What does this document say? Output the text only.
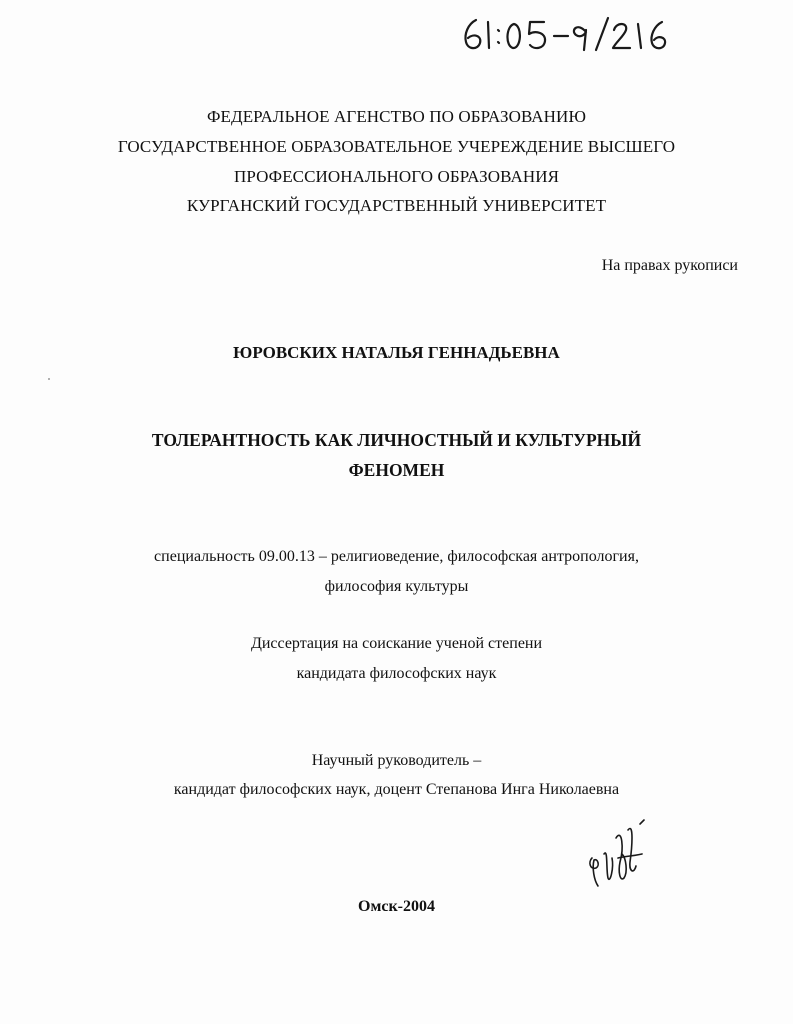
ФЕДЕРАЛЬНОЕ АГЕНСТВО ПО ОБРАЗОВАНИЮ
ГОСУДАРСТВЕННОЕ ОБРАЗОВАТЕЛЬНОЕ УЧЕРЕЖДЕНИЕ ВЫСШЕГО
ПРОФЕССИОНАЛЬНОГО ОБРАЗОВАНИЯ
КУРГАНСКИЙ ГОСУДАРСТВЕННЫЙ УНИВЕРСИТЕТ
На правах рукописи
ЮРОВСКИХ НАТАЛЬЯ ГЕННАДЬЕВНА
ТОЛЕРАНТНОСТЬ КАК ЛИЧНОСТНЫЙ И КУЛЬТУРНЫЙ
ФЕНОМЕН
специальность 09.00.13 – религиоведение, философская антропология,
философия культуры
Диссертация на соискание ученой степени
кандидата философских наук
Научный руководитель –
кандидат философских наук, доцент Степанова Инга Николаевна
Омск-2004
